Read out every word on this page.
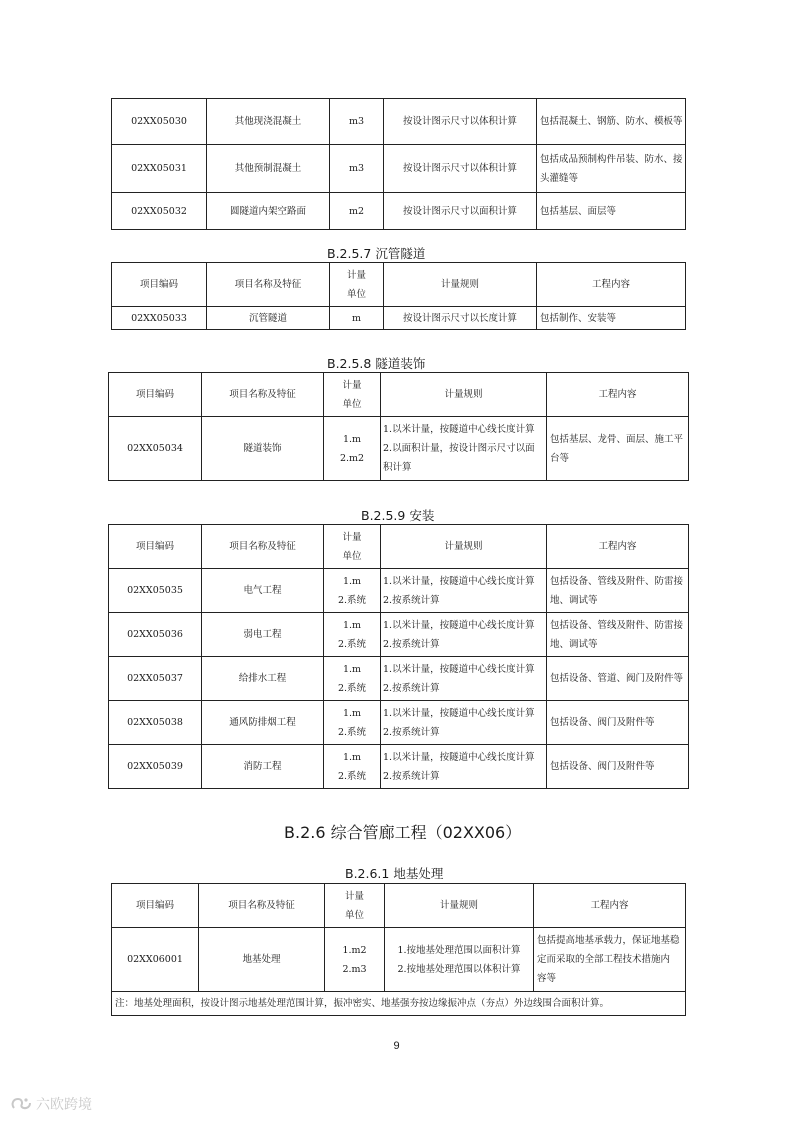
02XX05030	其他现浇混凝土	m3	按设计图示尺寸以体积计算	包括混凝土、钢筋、防水、模板等
02XX05031	其他预制混凝土	m3	按设计图示尺寸以体积计算	包括成品预制构件吊装、防水、接
头灌缝等

02XX05032	圆隧道内架空路面	m2	按设计图示尺寸以面积计算	包括基层、面层等
B.2.5.7 沉管隧道
项目编码	项目名称及特征	计量
单位	计量规则	工程内容
02XX05033	沉管隧道	m	按设计图示尺寸以长度计算	包括制作、安装等
B.2.5.8 隧道装饰
项目编码	项目名称及特征	计量
单位	计量规则	工程内容
02XX05034	隧道装饰	1.m
2.m2	1.以米计量，按隧道中心线长度计算
2.以面积计量，按设计图示尺寸以面
积计算	包括基层、龙骨、面层、施工平
台等
B.2.5.9 安装
项目编码	项目名称及特征	计量
单位	计量规则	工程内容
02XX05035	电气工程	1.m
2.系统	1.以米计量，按隧道中心线长度计算
2.按系统计算	包括设备、管线及附件、防雷接
地、调试等

02XX05036	弱电工程	1.m
2.系统	1.以米计量，按隧道中心线长度计算
2.按系统计算	包括设备、管线及附件、防雷接
地、调试等

02XX05037	给排水工程	1.m
2.系统	1.以米计量，按隧道中心线长度计算
2.按系统计算	包括设备、管道、阀门及附件等
02XX05038	通风防排烟工程	1.m
2.系统	1.以米计量，按隧道中心线长度计算
2.按系统计算	包括设备、阀门及附件等
02XX05039	消防工程	1.m
2.系统	1.以米计量，按隧道中心线长度计算
2.按系统计算	包括设备、阀门及附件等
B.2.6 综合管廊工程（02XX06）
B.2.6.1 地基处理
项目编码	项目名称及特征	计量
单位	计量规则	工程内容
02XX06001	地基处理	1.m2
2.m3	1.按地基处理范围以面积计算
2.按地基处理范围以体积计算	包括提高地基承载力，保证地基稳
定而采取的全部工程技术措施内
容等

注：地基处理面积，按设计图示地基处理范围计算，振冲密实、地基强夯按边缘振冲点（夯点）外边线围合面积计算。				
9
六欧跨境
